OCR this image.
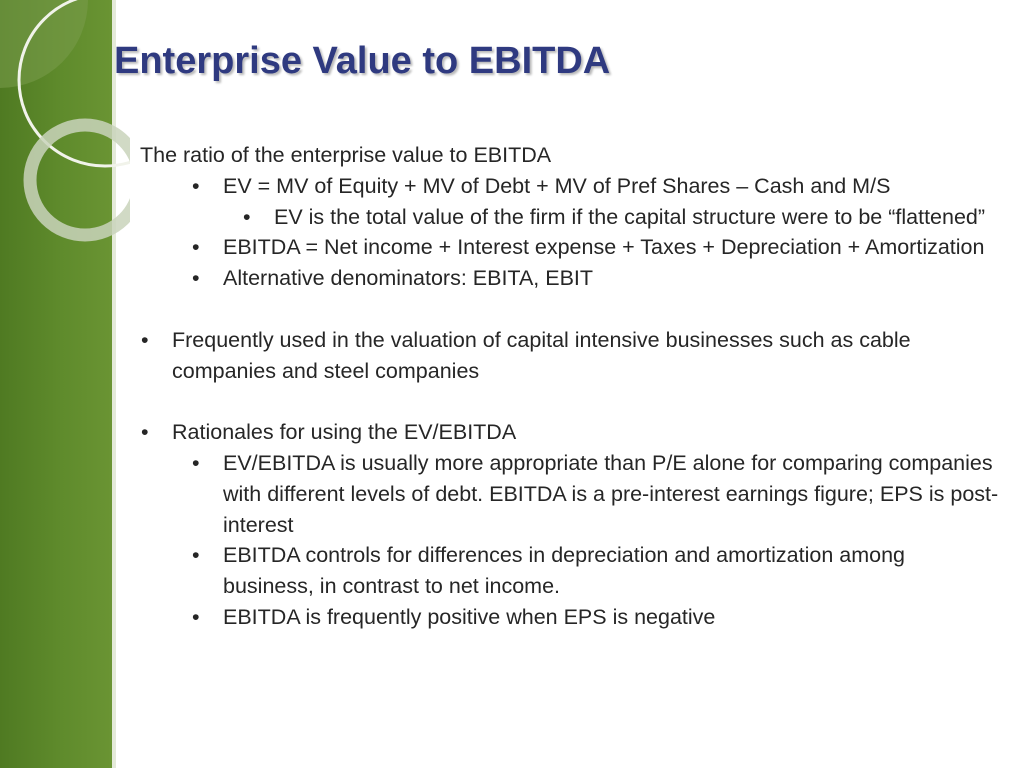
Enterprise Value to EBITDA

The ratio of the enterprise value to EBITDA

• EV = MV of Equity + MV of Debt + MV of Pref Shares – Cash and M/S

• EV is the total value of the firm if the capital structure were to be “flattened”

• EBITDA = Net income + Interest expense + Taxes + Depreciation + Amortization

• Alternative denominators: EBITA, EBIT

• Frequently used in the valuation of capital intensive businesses such as cable companies and steel companies

• Rationales for using the EV/EBITDA

• EV/EBITDA is usually more appropriate than P/E alone for comparing companies with different levels of debt. EBITDA is a pre-interest earnings figure; EPS is post-interest

• EBITDA controls for differences in depreciation and amortization among business, in contrast to net income.

• EBITDA is frequently positive when EPS is negative
